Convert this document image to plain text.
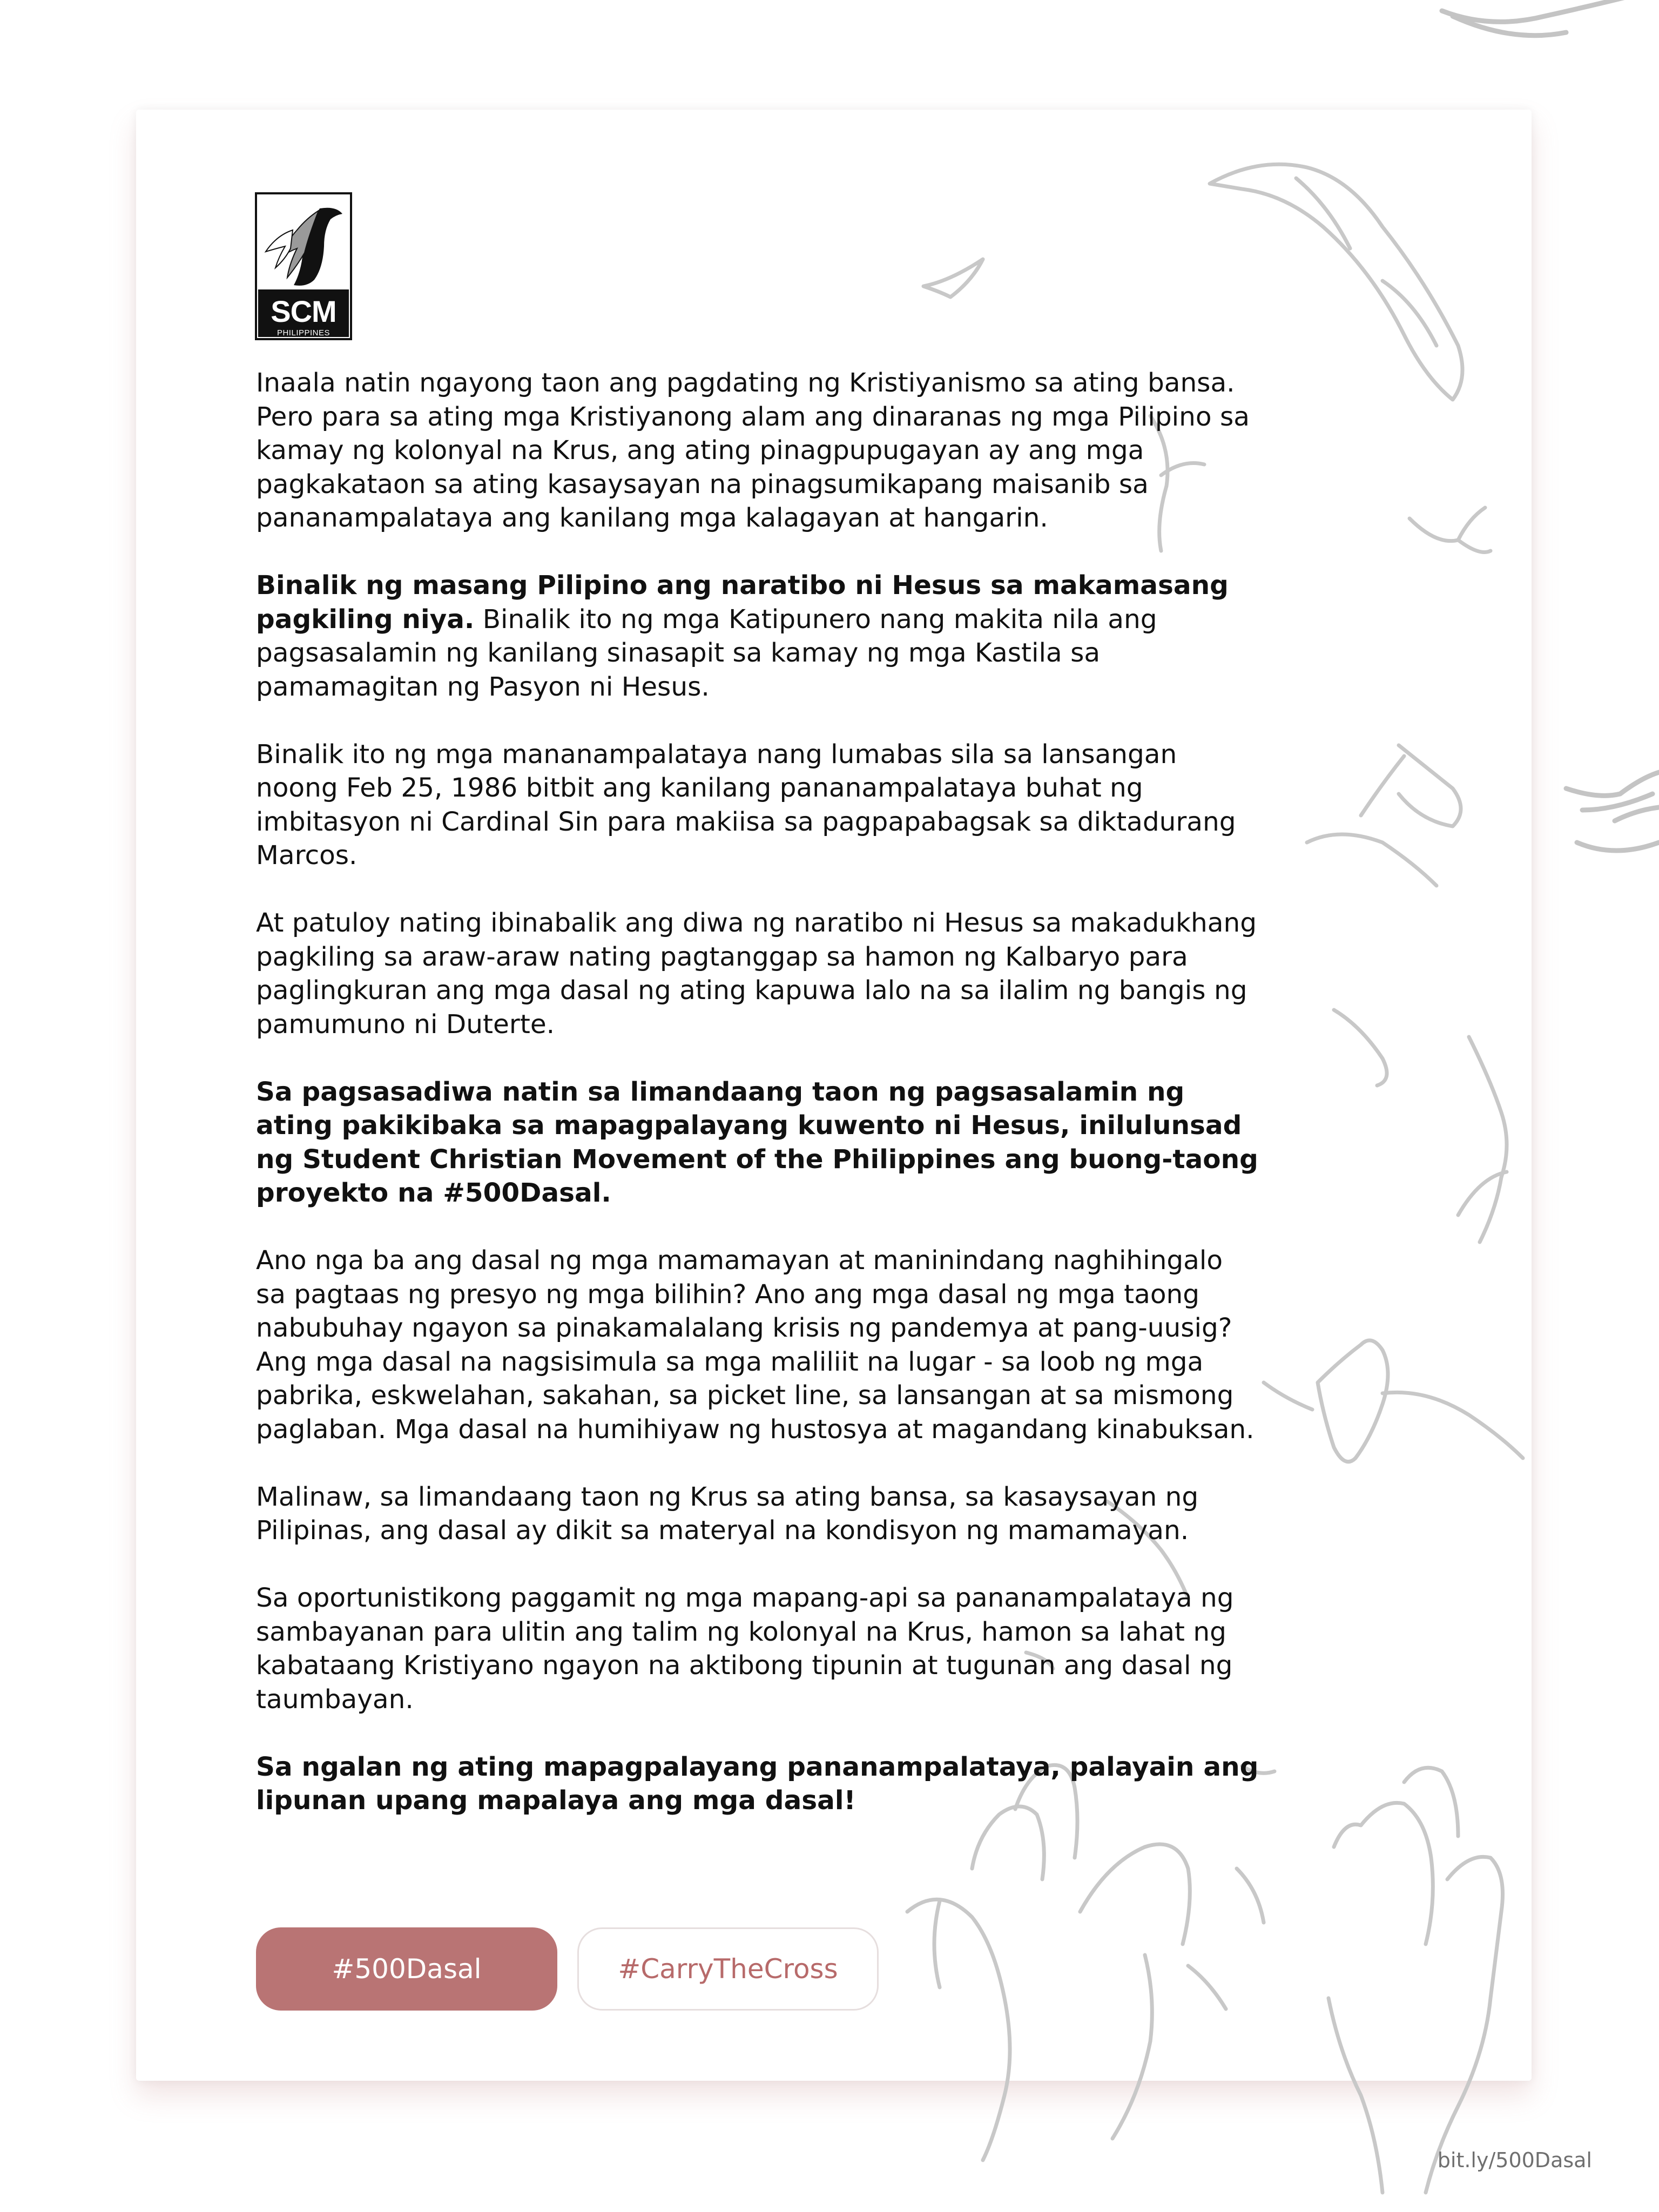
SCM
PHILIPPINES

Inaala natin ngayong taon ang pagdating ng Kristiyanismo sa ating bansa. Pero para sa ating mga Kristiyanong alam ang dinaranas ng mga Pilipino sa kamay ng kolonyal na Krus, ang ating pinagpupugayan ay ang mga pagkakataon sa ating kasaysayan na pinagsumikapang maisanib sa pananampalataya ang kanilang mga kalagayan at hangarin.

Binalik ng masang Pilipino ang naratibo ni Hesus sa makamasang pagkiling niya. Binalik ito ng mga Katipunero nang makita nila ang pagsasalamin ng kanilang sinasapit sa kamay ng mga Kastila sa pamamagitan ng Pasyon ni Hesus.

Binalik ito ng mga mananampalataya nang lumabas sila sa lansangan noong Feb 25, 1986 bitbit ang kanilang pananampalataya buhat ng imbitasyon ni Cardinal Sin para makiisa sa pagpapabagsak sa diktadurang Marcos.

At patuloy nating ibinabalik ang diwa ng naratibo ni Hesus sa makadukhang pagkiling sa araw-araw nating pagtanggap sa hamon ng Kalbaryo para paglingkuran ang mga dasal ng ating kapuwa lalo na sa ilalim ng bangis ng pamumuno ni Duterte.

Sa pagsasadiwa natin sa limandaang taon ng pagsasalamin ng ating pakikibaka sa mapagpalayang kuwento ni Hesus, inilulunsad ng Student Christian Movement of the Philippines ang buong-taong proyekto na #500Dasal.

Ano nga ba ang dasal ng mga mamamayan at maninindang naghihingalo sa pagtaas ng presyo ng mga bilihin? Ano ang mga dasal ng mga taong nabubuhay ngayon sa pinakamalalang krisis ng pandemya at pang-uusig? Ang mga dasal na nagsisimula sa mga maliliit na lugar - sa loob ng mga pabrika, eskwelahan, sakahan, sa picket line, sa lansangan at sa mismong paglaban. Mga dasal na humihiyaw ng hustosya at magandang kinabuksan.

Malinaw, sa limandaang taon ng Krus sa ating bansa, sa kasaysayan ng Pilipinas, ang dasal ay dikit sa materyal na kondisyon ng mamamayan.

Sa oportunistikong paggamit ng mga mapang-api sa pananampalataya ng sambayanan para ulitin ang talim ng kolonyal na Krus, hamon sa lahat ng kabataang Kristiyano ngayon na aktibong tipunin at tugunan ang dasal ng taumbayan.

Sa ngalan ng ating mapagpalayang pananampalataya, palayain ang lipunan upang mapalaya ang mga dasal!

#500Dasal	#CarryTheCross
bit.ly/500Dasal
